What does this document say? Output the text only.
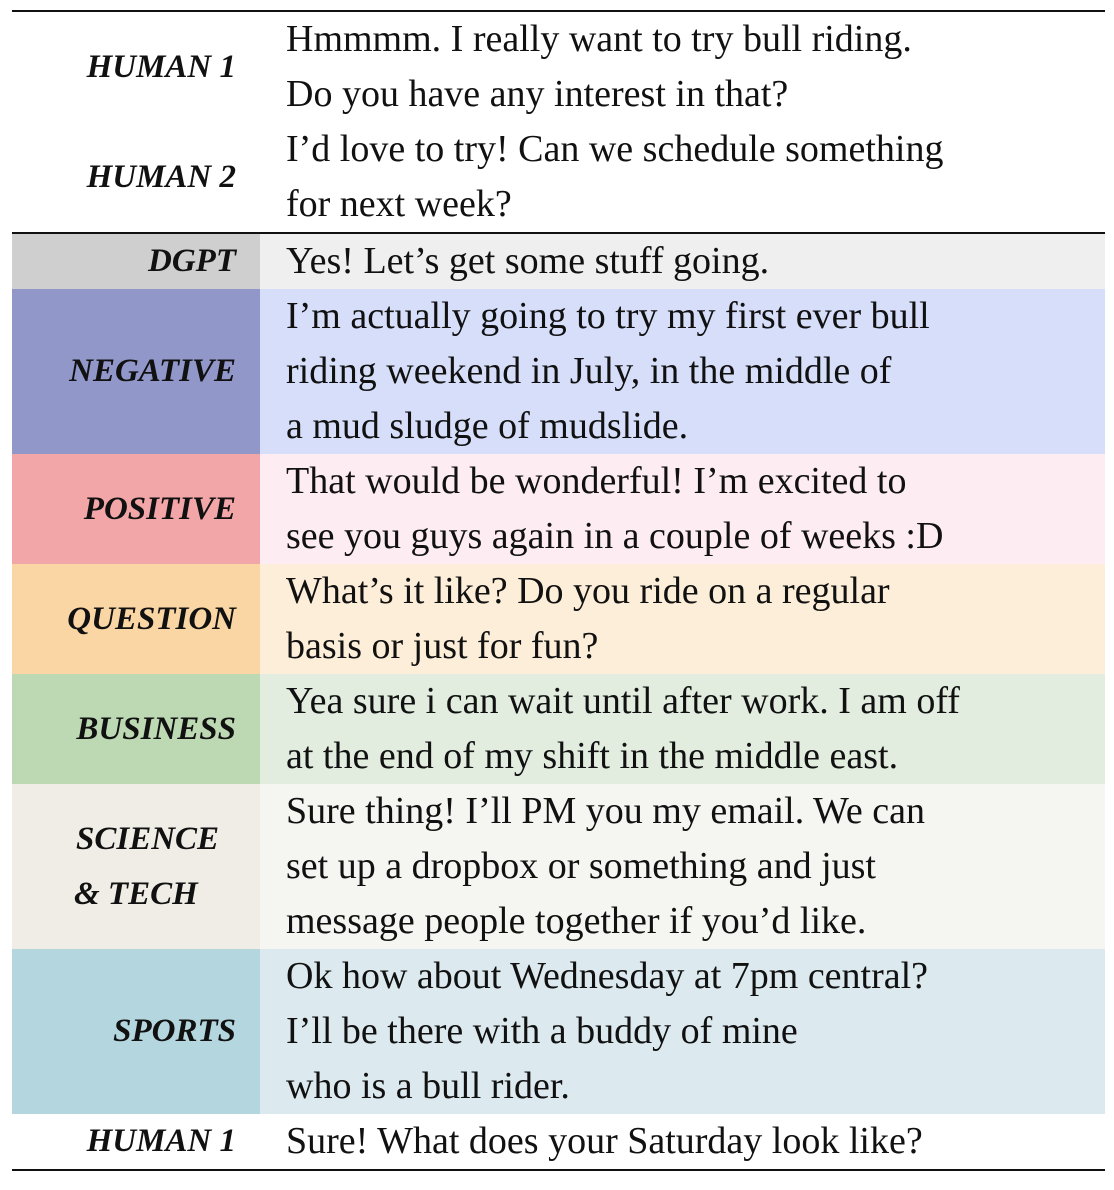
HUMAN 1
Hmmmm. I really want to try bull riding.
Do you have any interest in that?
HUMAN 2
I’d love to try! Can we schedule something
for next week?
DGPT	Yes! Let’s get some stuff going.
NEGATIVE
I’m actually going to try my first ever bull
riding weekend in July, in the middle of
a mud sludge of mudslide.
POSITIVE
That would be wonderful! I’m excited to
see you guys again in a couple of weeks :D
QUESTION
What’s it like? Do you ride on a regular
basis or just for fun?
BUSINESS
Yea sure i can wait until after work. I am off
at the end of my shift in the middle east.
SCIENCE
& TECH
Sure thing! I’ll PM you my email. We can
set up a dropbox or something and just
message people together if you’d like.
SPORTS
Ok how about Wednesday at 7pm central?
I’ll be there with a buddy of mine
who is a bull rider.
HUMAN 1	Sure! What does your Saturday look like?
